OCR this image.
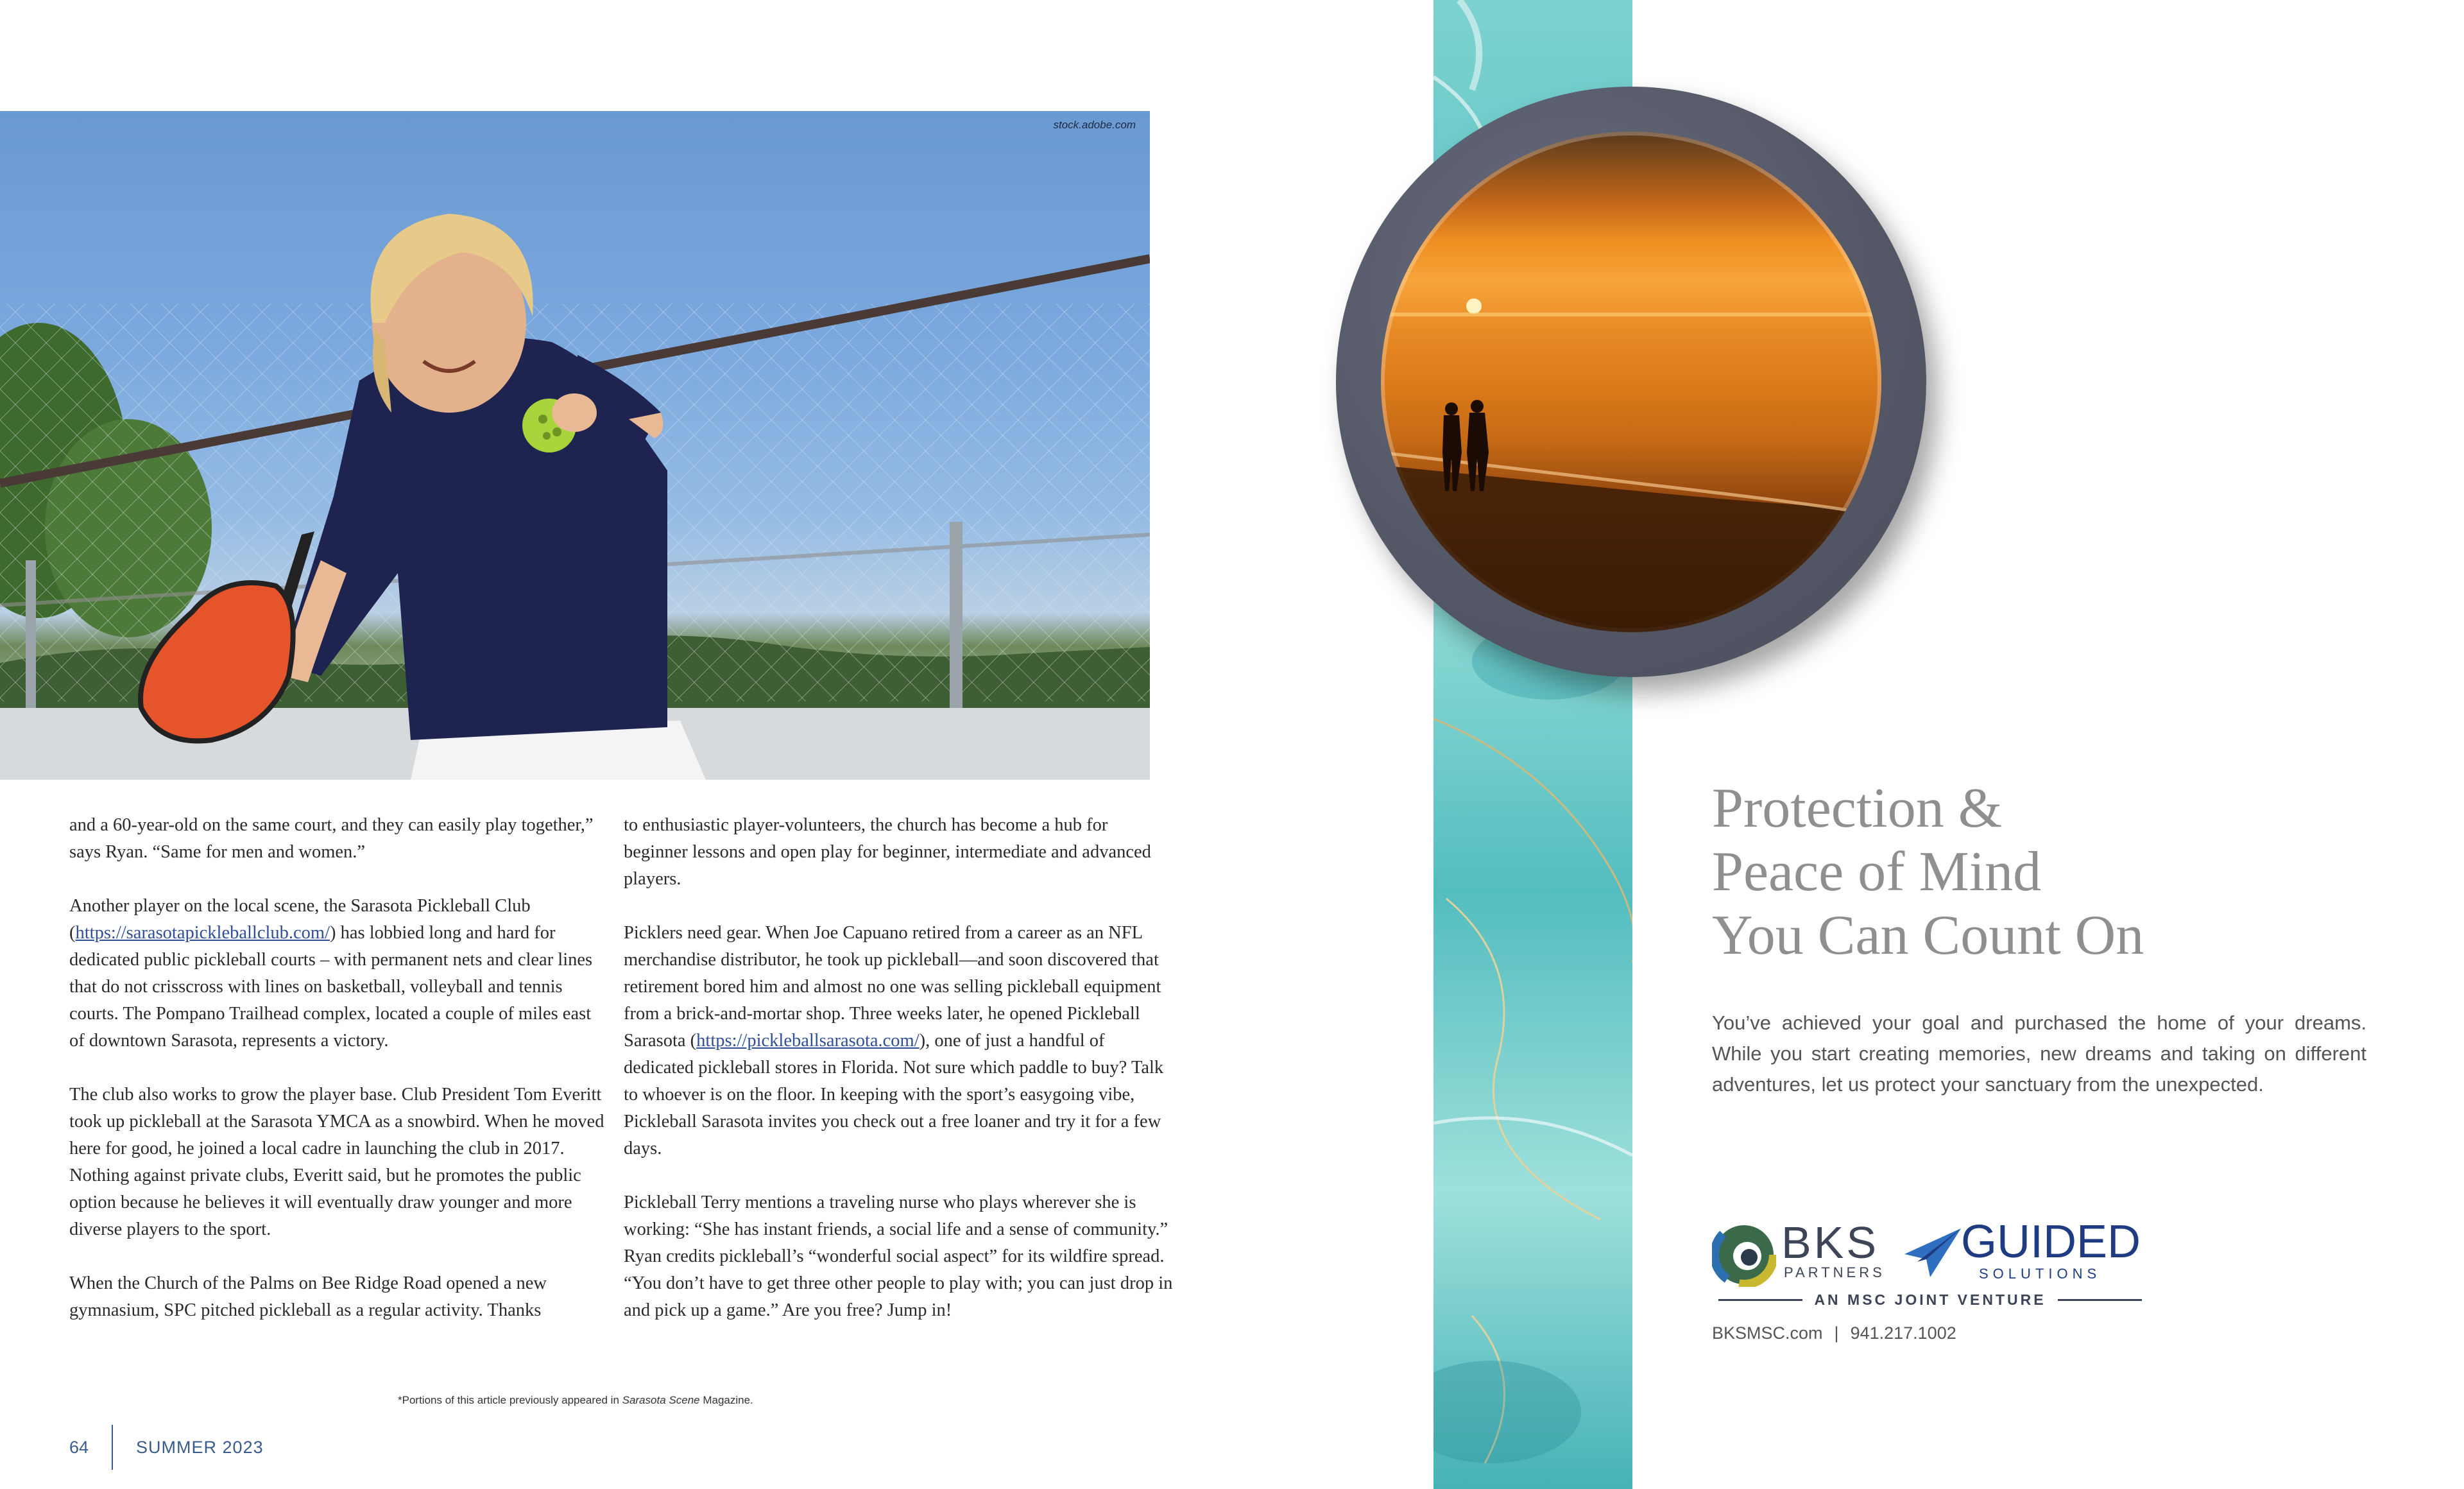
stock.adobe.com

and a 60-year-old on the same court, and they can easily play together,” says Ryan. “Same for men and women.”

Another player on the local scene, the Sarasota Pickleball Club (https://sarasotapickleballclub.com/) has lobbied long and hard for dedicated public pickleball courts – with permanent nets and clear lines that do not crisscross with lines on basketball, volleyball and tennis courts. The Pompano Trailhead complex, located a couple of miles east of downtown Sarasota, represents a victory.

The club also works to grow the player base. Club President Tom Everitt took up pickleball at the Sarasota YMCA as a snowbird. When he moved here for good, he joined a local cadre in launching the club in 2017. Nothing against private clubs, Everitt said, but he promotes the public option because he believes it will eventually draw younger and more diverse players to the sport.

When the Church of the Palms on Bee Ridge Road opened a new gymnasium, SPC pitched pickleball as a regular activity. Thanks

to enthusiastic player-volunteers, the church has become a hub for beginner lessons and open play for beginner, intermediate and advanced players.

Picklers need gear. When Joe Capuano retired from a career as an NFL merchandise distributor, he took up pickleball—and soon discovered that retirement bored him and almost no one was selling pickleball equipment from a brick-and-mortar shop. Three weeks later, he opened Pickleball Sarasota (https://pickleballsarasota.com/), one of just a handful of dedicated pickleball stores in Florida. Not sure which paddle to buy? Talk to whoever is on the floor. In keeping with the sport’s easygoing vibe, Pickleball Sarasota invites you check out a free loaner and try it for a few days.

Pickleball Terry mentions a traveling nurse who plays wherever she is working: “She has instant friends, a social life and a sense of community.” Ryan credits pickleball’s “wonderful social aspect” for its wildfire spread. “You don’t have to get three other people to play with; you can just drop in and pick up a game.” Are you free? Jump in!

*Portions of this article previously appeared in Sarasota Scene Magazine.
64	SUMMER 2023
Protection &
Peace of Mind
You Can Count On
You’ve achieved your goal and purchased the home of your dreams. While you start creating memories, new dreams and taking on different adventures, let us protect your sanctuary from the unexpected.
BKS
PARTNERS
GUIDED
SOLUTIONS
AN MSC JOINT VENTURE
BKSMSC.com | 941.217.1002
